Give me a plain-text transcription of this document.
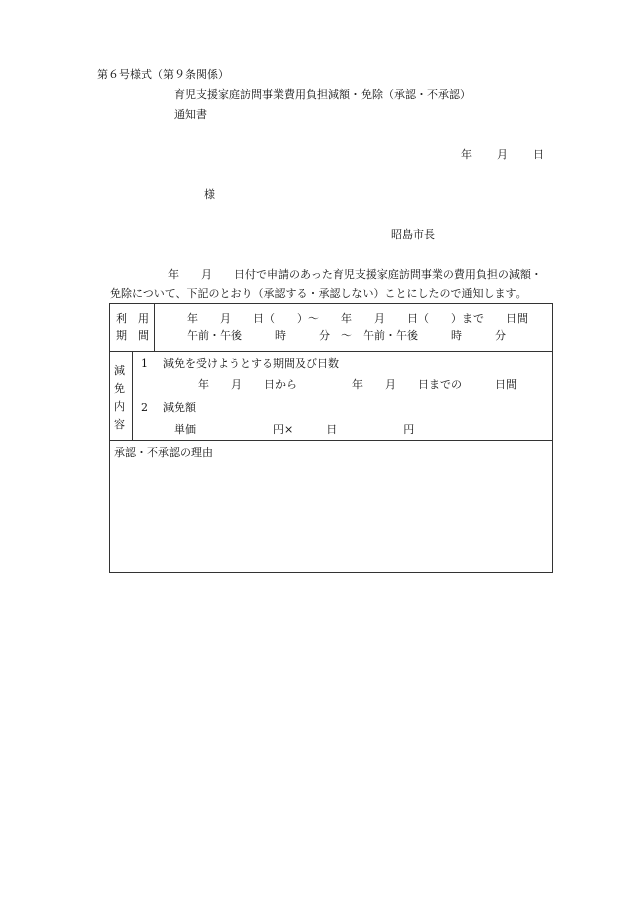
第６号様式（第９条関係）
育児支援家庭訪問事業費用負担減額・免除（承認・不承認）
通知書
年 月 日
様
昭島市長
年　　月　　日付で申請のあった育児支援家庭訪問事業の費用負担の減額・
免除について、下記のとおり（承認する・承認しない）ことにしたので通知します。
利　用
期　間
年　　月　　日（　　）～　　年　　月　　日（　　）まで　　日間
午前・午後　　　時　　　分　～　午前・午後　　　時　　　分
減
免
内
容
1 減免を受けようとする期間及び日数
年　　月　　日から　　　　　年　　月　　日までの　　　日間
2 減免額
単価　　　　　　　円×　　　日　　　　　　円
承認・不承認の理由
